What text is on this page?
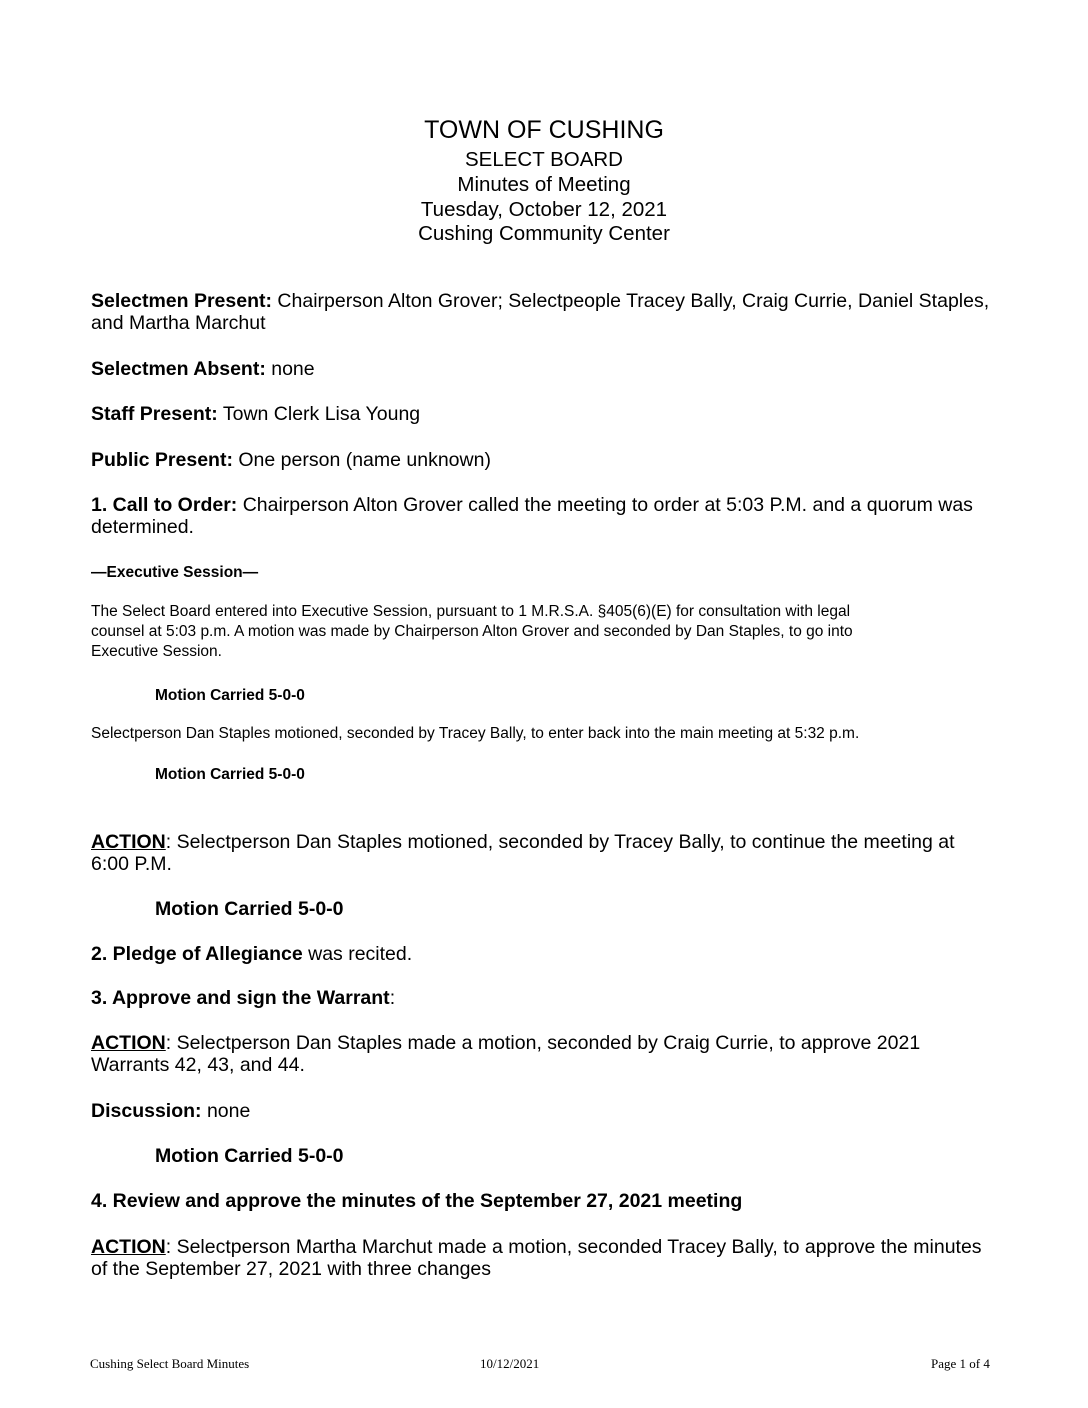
TOWN OF CUSHING
SELECT BOARD
Minutes of Meeting
Tuesday, October 12, 2021
Cushing Community Center
Selectmen Present: Chairperson Alton Grover; Selectpeople Tracey Bally, Craig Currie, Daniel Staples,
and Martha Marchut
Selectmen Absent: none
Staff Present: Town Clerk Lisa Young
Public Present: One person (name unknown)
1. Call to Order: Chairperson Alton Grover called the meeting to order at 5:03 P.M. and a quorum was
determined.
—Executive Session—
The Select Board entered into Executive Session, pursuant to 1 M.R.S.A. §405(6)(E) for consultation with legal
counsel at 5:03 p.m. A motion was made by Chairperson Alton Grover and seconded by Dan Staples, to go into
Executive Session.
Motion Carried 5-0-0
Selectperson Dan Staples motioned, seconded by Tracey Bally, to enter back into the main meeting at 5:32 p.m.
Motion Carried 5-0-0
ACTION: Selectperson Dan Staples motioned, seconded by Tracey Bally, to continue the meeting at
6:00 P.M.
Motion Carried 5-0-0
2. Pledge of Allegiance was recited.
3. Approve and sign the Warrant:
ACTION: Selectperson Dan Staples made a motion, seconded by Craig Currie, to approve 2021
Warrants 42, 43, and 44.
Discussion: none
Motion Carried 5-0-0
4. Review and approve the minutes of the September 27, 2021 meeting
ACTION: Selectperson Martha Marchut made a motion, seconded Tracey Bally, to approve the minutes
of the September 27, 2021 with three changes
Cushing Select Board Minutes	10/12/2021	Page 1 of 4
